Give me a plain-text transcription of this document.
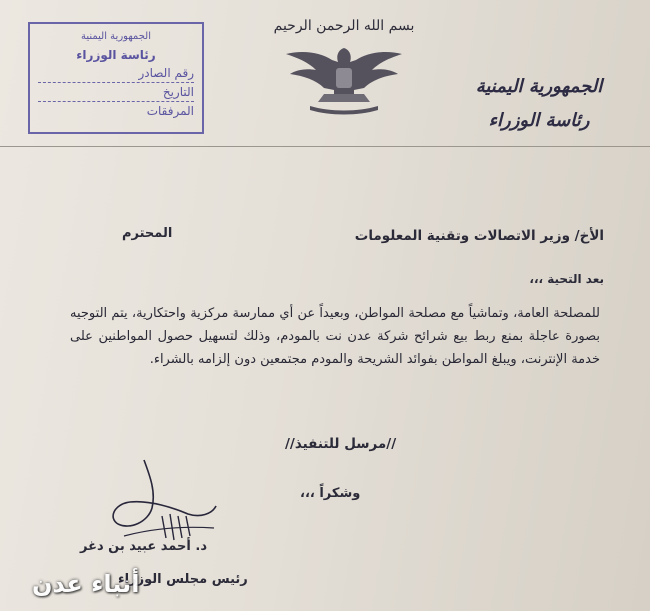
الجمهورية اليمنية
رئاسة الوزراء
رقم الصادر
التاريخ
المرفقات
بسم الله الرحمن الرحيم
الجمهورية اليمنية
رئاسة الوزراء
المحترم	الأخ/ وزير الاتصالات وتقنية المعلومات
بعد التحية ،،،
للمصلحة العامة، وتماشياً مع مصلحة المواطن، وبعيداً عن أي ممارسة مركزية واحتكارية، يتم التوجيه بصورة عاجلة بمنع ربط بيع شرائح شركة عدن نت بالمودم، وذلك لتسهيل حصول المواطنين على خدمة الإنترنت، ويبلغ المواطن بفوائد الشريحة والمودم مجتمعين دون إلزامه بالشراء.
//مرسل للتنفيذ//
وشكراً ،،،
د. أحمد عبيد بن دغر
رئيس مجلس الوزراء
أنباء عدن
